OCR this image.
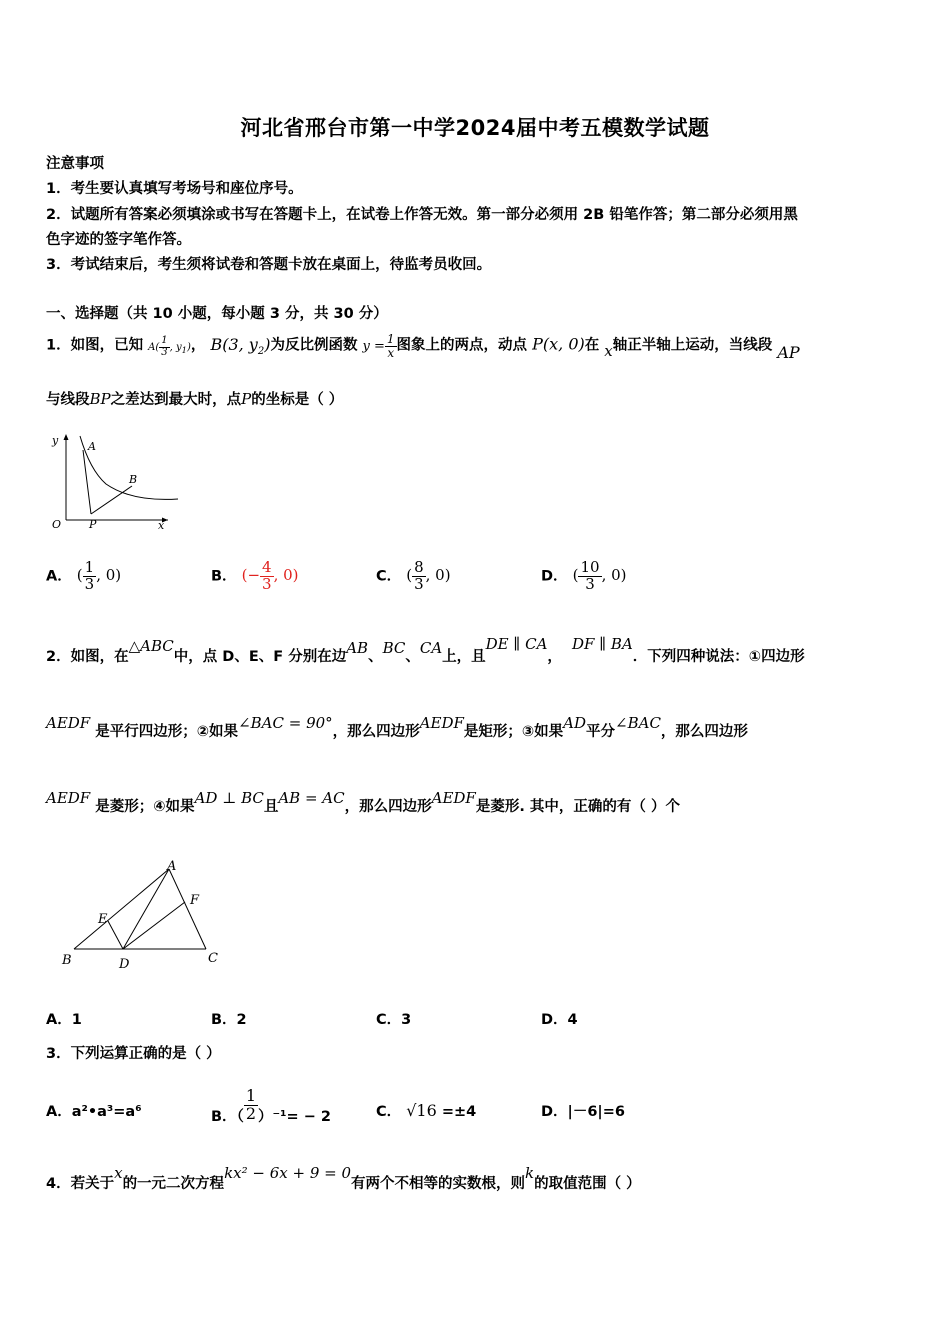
河北省邢台市第一中学2024届中考五模数学试题
注意事项
1．考生要认真填写考场号和座位序号。
2．试题所有答案必须填涂或书写在答题卡上，在试卷上作答无效。第一部分必须用 2B 铅笔作答；第二部分必须用黑
色字迹的签字笔作答。
3．考试结束后，考生须将试卷和答题卡放在桌面上，待监考员收回。
一、选择题（共 10 小题，每小题 3 分，共 30 分）
1．如图，已知 $A( \frac{1}{3}$ , $y_1$)， B(3, $y_2$)为反比例函数 $y = \frac{1}{x}$ 图象上的两点，动点 P(x, 0)在 x轴正半轴上运动，当线段 AP
与线段BP之差达到最大时，点P的坐标是（ ）
y	A
B
O	P	x
A． ( $\frac{1}{3}$ , 0)	B． (− $\frac{4}{3}$ , 0)	C． ( $\frac{8}{3}$ , 0)	D． ( $\frac{10}{3}$ , 0)
2．如图，在△ABC中，点 D、E、F 分别在边AB、BC、CA上，且DE ∥ CA，  DF ∥ BA．下列四种说法：①四边形
AEDF 是平行四边形；②如果∠BAC = 90°，那么四边形AEDF是矩形；③如果AD平分∠BAC，那么四边形
AEDF 是菱形；④如果AD ⊥ BC且AB = AC，那么四边形AEDF是菱形. 其中，正确的有（ ）个
A
E
F
B	D	C
A．1	B．2	C．3	D．4
3．下列运算正确的是（ ）
A．a²•a³=a⁶	B．（ $\frac{1}{2} )^{-1}= - 2$	C． √16 =±4	D．|－6|=6
4．若关于x的一元二次方程kx² − 6x + 9 = 0有两个不相等的实数根，则k的取值范围（ ）
